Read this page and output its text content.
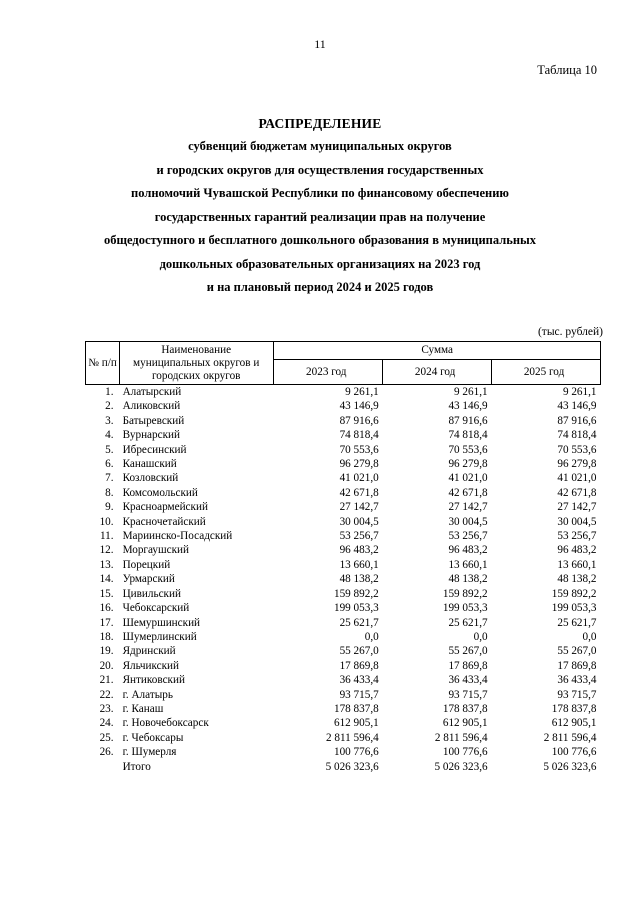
11
Таблица 10
РАСПРЕДЕЛЕНИЕ
субвенций бюджетам муниципальных округов
и городских округов для осуществления государственных
полномочий Чувашской Республики по финансовому обеспечению
государственных гарантий реализации прав на получение
общедоступного и бесплатного дошкольного образования в муниципальных
дошкольных образовательных организациях на 2023 год
и на плановый период 2024 и 2025 годов
(тыс. рублей)
№ п/п	Наименование муниципальных округов и городских округов	Сумма		
		2023 год	2024 год	2025 год
1.	Алатырский	9 261,1	9 261,1	9 261,1
2.	Аликовский	43 146,9	43 146,9	43 146,9
3.	Батыревский	87 916,6	87 916,6	87 916,6
4.	Вурнарский	74 818,4	74 818,4	74 818,4
5.	Ибресинский	70 553,6	70 553,6	70 553,6
6.	Канашский	96 279,8	96 279,8	96 279,8
7.	Козловский	41 021,0	41 021,0	41 021,0
8.	Комсомольский	42 671,8	42 671,8	42 671,8
9.	Красноармейский	27 142,7	27 142,7	27 142,7
10.	Красночетайский	30 004,5	30 004,5	30 004,5
11.	Мариинско-Посадский	53 256,7	53 256,7	53 256,7
12.	Моргаушский	96 483,2	96 483,2	96 483,2
13.	Порецкий	13 660,1	13 660,1	13 660,1
14.	Урмарский	48 138,2	48 138,2	48 138,2
15.	Цивильский	159 892,2	159 892,2	159 892,2
16.	Чебоксарский	199 053,3	199 053,3	199 053,3
17.	Шемуршинский	25 621,7	25 621,7	25 621,7
18.	Шумерлинский	0,0	0,0	0,0
19.	Ядринский	55 267,0	55 267,0	55 267,0
20.	Яльчикский	17 869,8	17 869,8	17 869,8
21.	Янтиковский	36 433,4	36 433,4	36 433,4
22.	г. Алатырь	93 715,7	93 715,7	93 715,7
23.	г. Канаш	178 837,8	178 837,8	178 837,8
24.	г. Новочебоксарск	612 905,1	612 905,1	612 905,1
25.	г. Чебоксары	2 811 596,4	2 811 596,4	2 811 596,4
26.	г. Шумерля	100 776,6	100 776,6	100 776,6
	Итого	5 026 323,6	5 026 323,6	5 026 323,6
